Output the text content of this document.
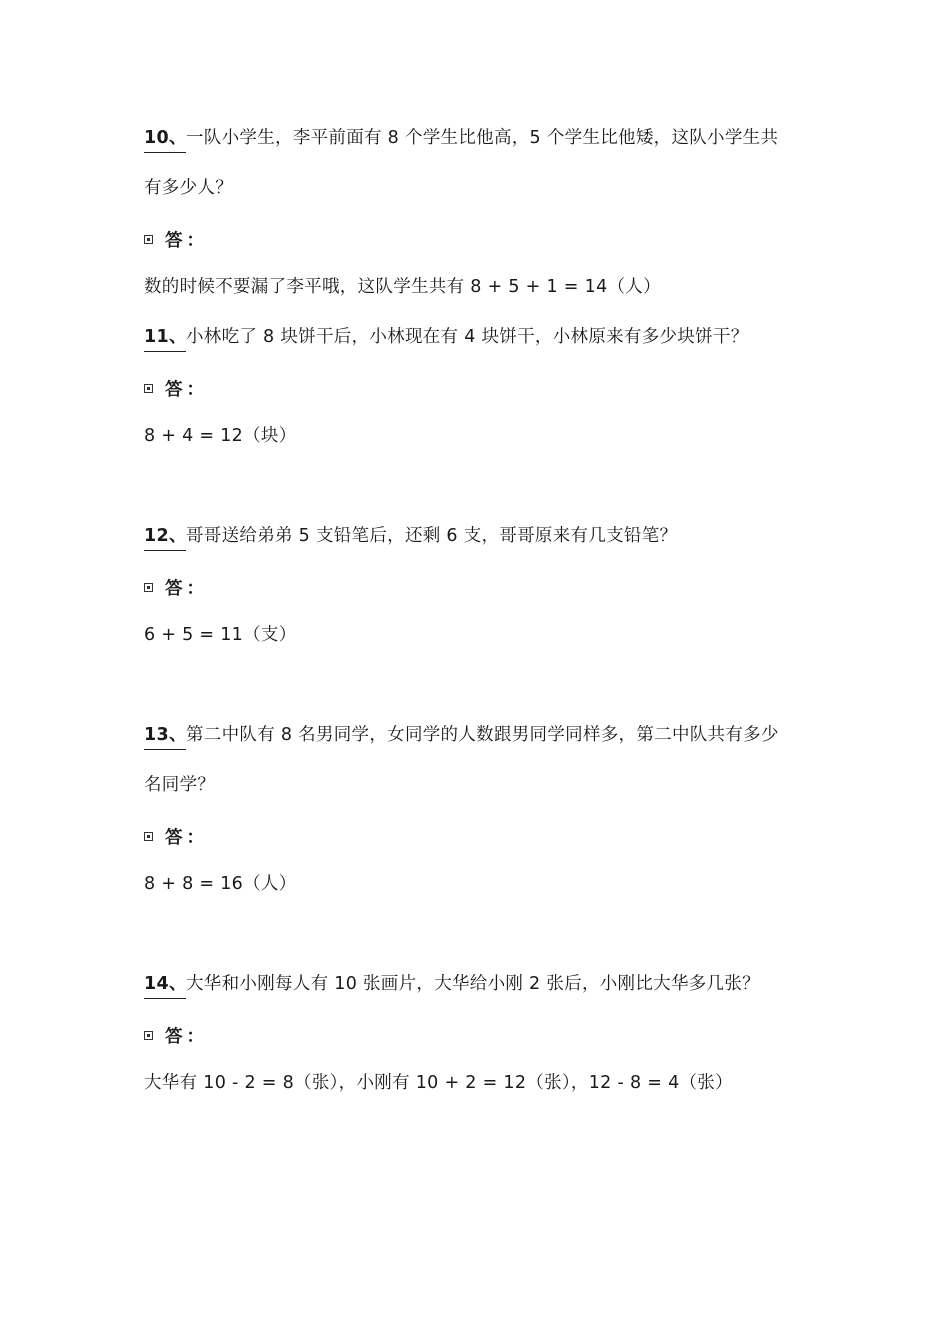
10、一队小学生，李平前面有 8 个学生比他高，5 个学生比他矮，这队小学生共
有多少人？
答：
数的时候不要漏了李平哦，这队学生共有 8 + 5 + 1 = 14（人）
11、小林吃了 8 块饼干后，小林现在有 4 块饼干，小林原来有多少块饼干？
答：
8 + 4 = 12（块）
12、哥哥送给弟弟 5 支铅笔后，还剩 6 支，哥哥原来有几支铅笔？
答：
6 + 5 = 11（支）
13、第二中队有 8 名男同学，女同学的人数跟男同学同样多，第二中队共有多少
名同学？
答：
8 + 8 = 16（人）
14、大华和小刚每人有 10 张画片，大华给小刚 2 张后，小刚比大华多几张？
答：
大华有 10 - 2 = 8（张），小刚有 10 + 2 = 12（张），12 - 8 = 4（张）
